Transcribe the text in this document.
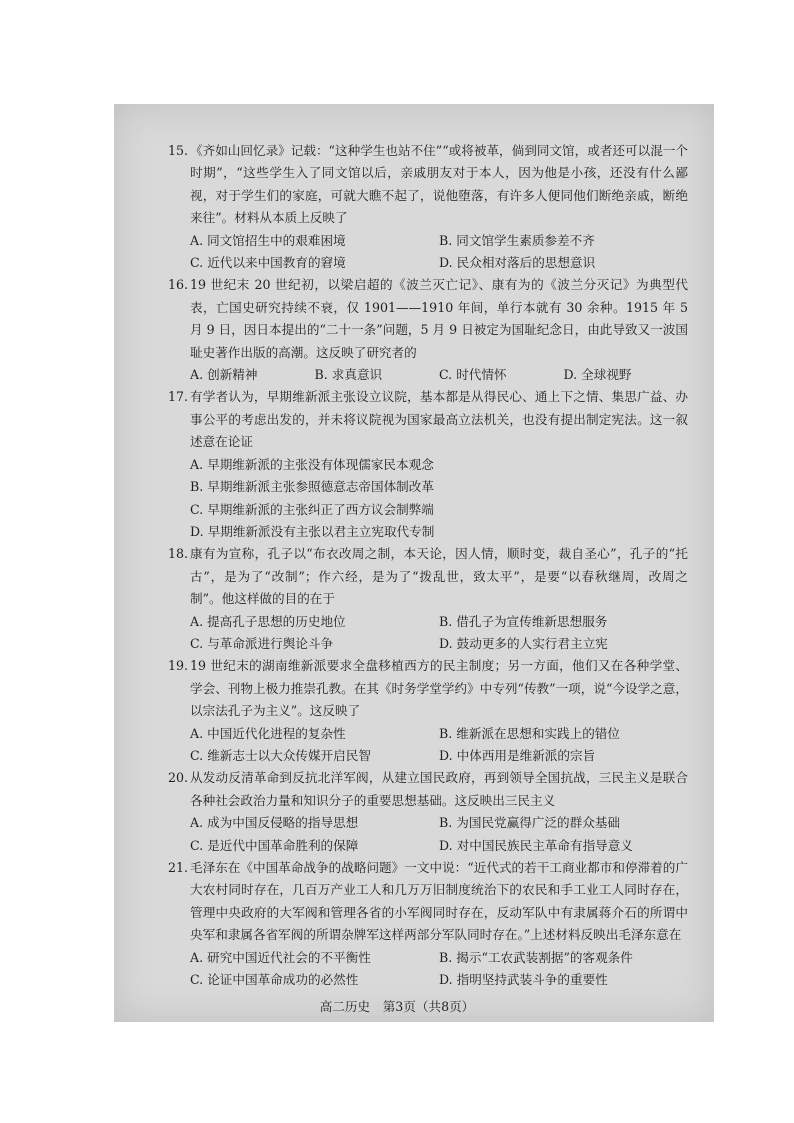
15. 《齐如山回忆录》记载：“这种学生也站不住”“或将被革，倘到同文馆，或者还可以混一个时期”，“这些学生入了同文馆以后，亲戚朋友对于本人，因为他是小孩，还没有什么鄙视，对于学生们的家庭，可就大瞧不起了，说他堕落，有许多人便同他们断绝亲戚，断绝来往”。材料从本质上反映了

A. 同文馆招生中的艰难困境	B. 同文馆学生素质参差不齐
C. 近代以来中国教育的窘境	D. 民众相对落后的思想意识
16. 19 世纪末 20 世纪初，以梁启超的《波兰灭亡记》、康有为的《波兰分灭记》为典型代表，亡国史研究持续不衰，仅 1901——1910 年间，单行本就有 30 余种。1915 年 5 月 9 日，因日本提出的“二十一条”问题，5 月 9 日被定为国耻纪念日，由此导致又一波国耻史著作出版的高潮。这反映了研究者的

A. 创新精神	B. 求真意识	C. 时代情怀	D. 全球视野
17. 有学者认为，早期维新派主张设立议院，基本都是从得民心、通上下之情、集思广益、办事公平的考虑出发的，并未将议院视为国家最高立法机关，也没有提出制定宪法。这一叙述意在论证

A. 早期维新派的主张没有体现儒家民本观念
B. 早期维新派主张参照德意志帝国体制改革
C. 早期维新派的主张纠正了西方议会制弊端
D. 早期维新派没有主张以君主立宪取代专制
18. 康有为宣称，孔子以“布衣改周之制，本天论，因人情，顺时变，裁自圣心”，孔子的“托古”，是为了“改制”；作六经，是为了“拨乱世，致太平”，是要“以春秋继周，改周之制”。他这样做的目的在于

A. 提高孔子思想的历史地位	B. 借孔子为宣传维新思想服务
C. 与革命派进行舆论斗争	D. 鼓动更多的人实行君主立宪
19. 19 世纪末的湖南维新派要求全盘移植西方的民主制度；另一方面，他们又在各种学堂、学会、刊物上极力推崇孔教。在其《时务学堂学约》中专列“传教”一项，说“今设学之意，以宗法孔子为主义”。这反映了

A. 中国近代化进程的复杂性	B. 维新派在思想和实践上的错位
C. 维新志士以大众传媒开启民智	D. 中体西用是维新派的宗旨
20. 从发动反清革命到反抗北洋军阀，从建立国民政府，再到领导全国抗战，三民主义是联合各种社会政治力量和知识分子的重要思想基础。这反映出三民主义

A. 成为中国反侵略的指导思想	B. 为国民党赢得广泛的群众基础
C. 是近代中国革命胜利的保障	D. 对中国民族民主革命有指导意义
21. 毛泽东在《中国革命战争的战略问题》一文中说：“近代式的若干工商业都市和停滞着的广大农村同时存在，几百万产业工人和几万万旧制度统治下的农民和手工业工人同时存在，管理中央政府的大军阀和管理各省的小军阀同时存在，反动军队中有隶属蒋介石的所谓中央军和隶属各省军阀的所谓杂牌军这样两部分军队同时存在。”上述材料反映出毛泽东意在

A. 研究中国近代社会的不平衡性	B. 揭示“工农武装割据”的客观条件
C. 论证中国革命成功的必然性	D. 指明坚持武装斗争的重要性
高二历史　第3页（共8页）
